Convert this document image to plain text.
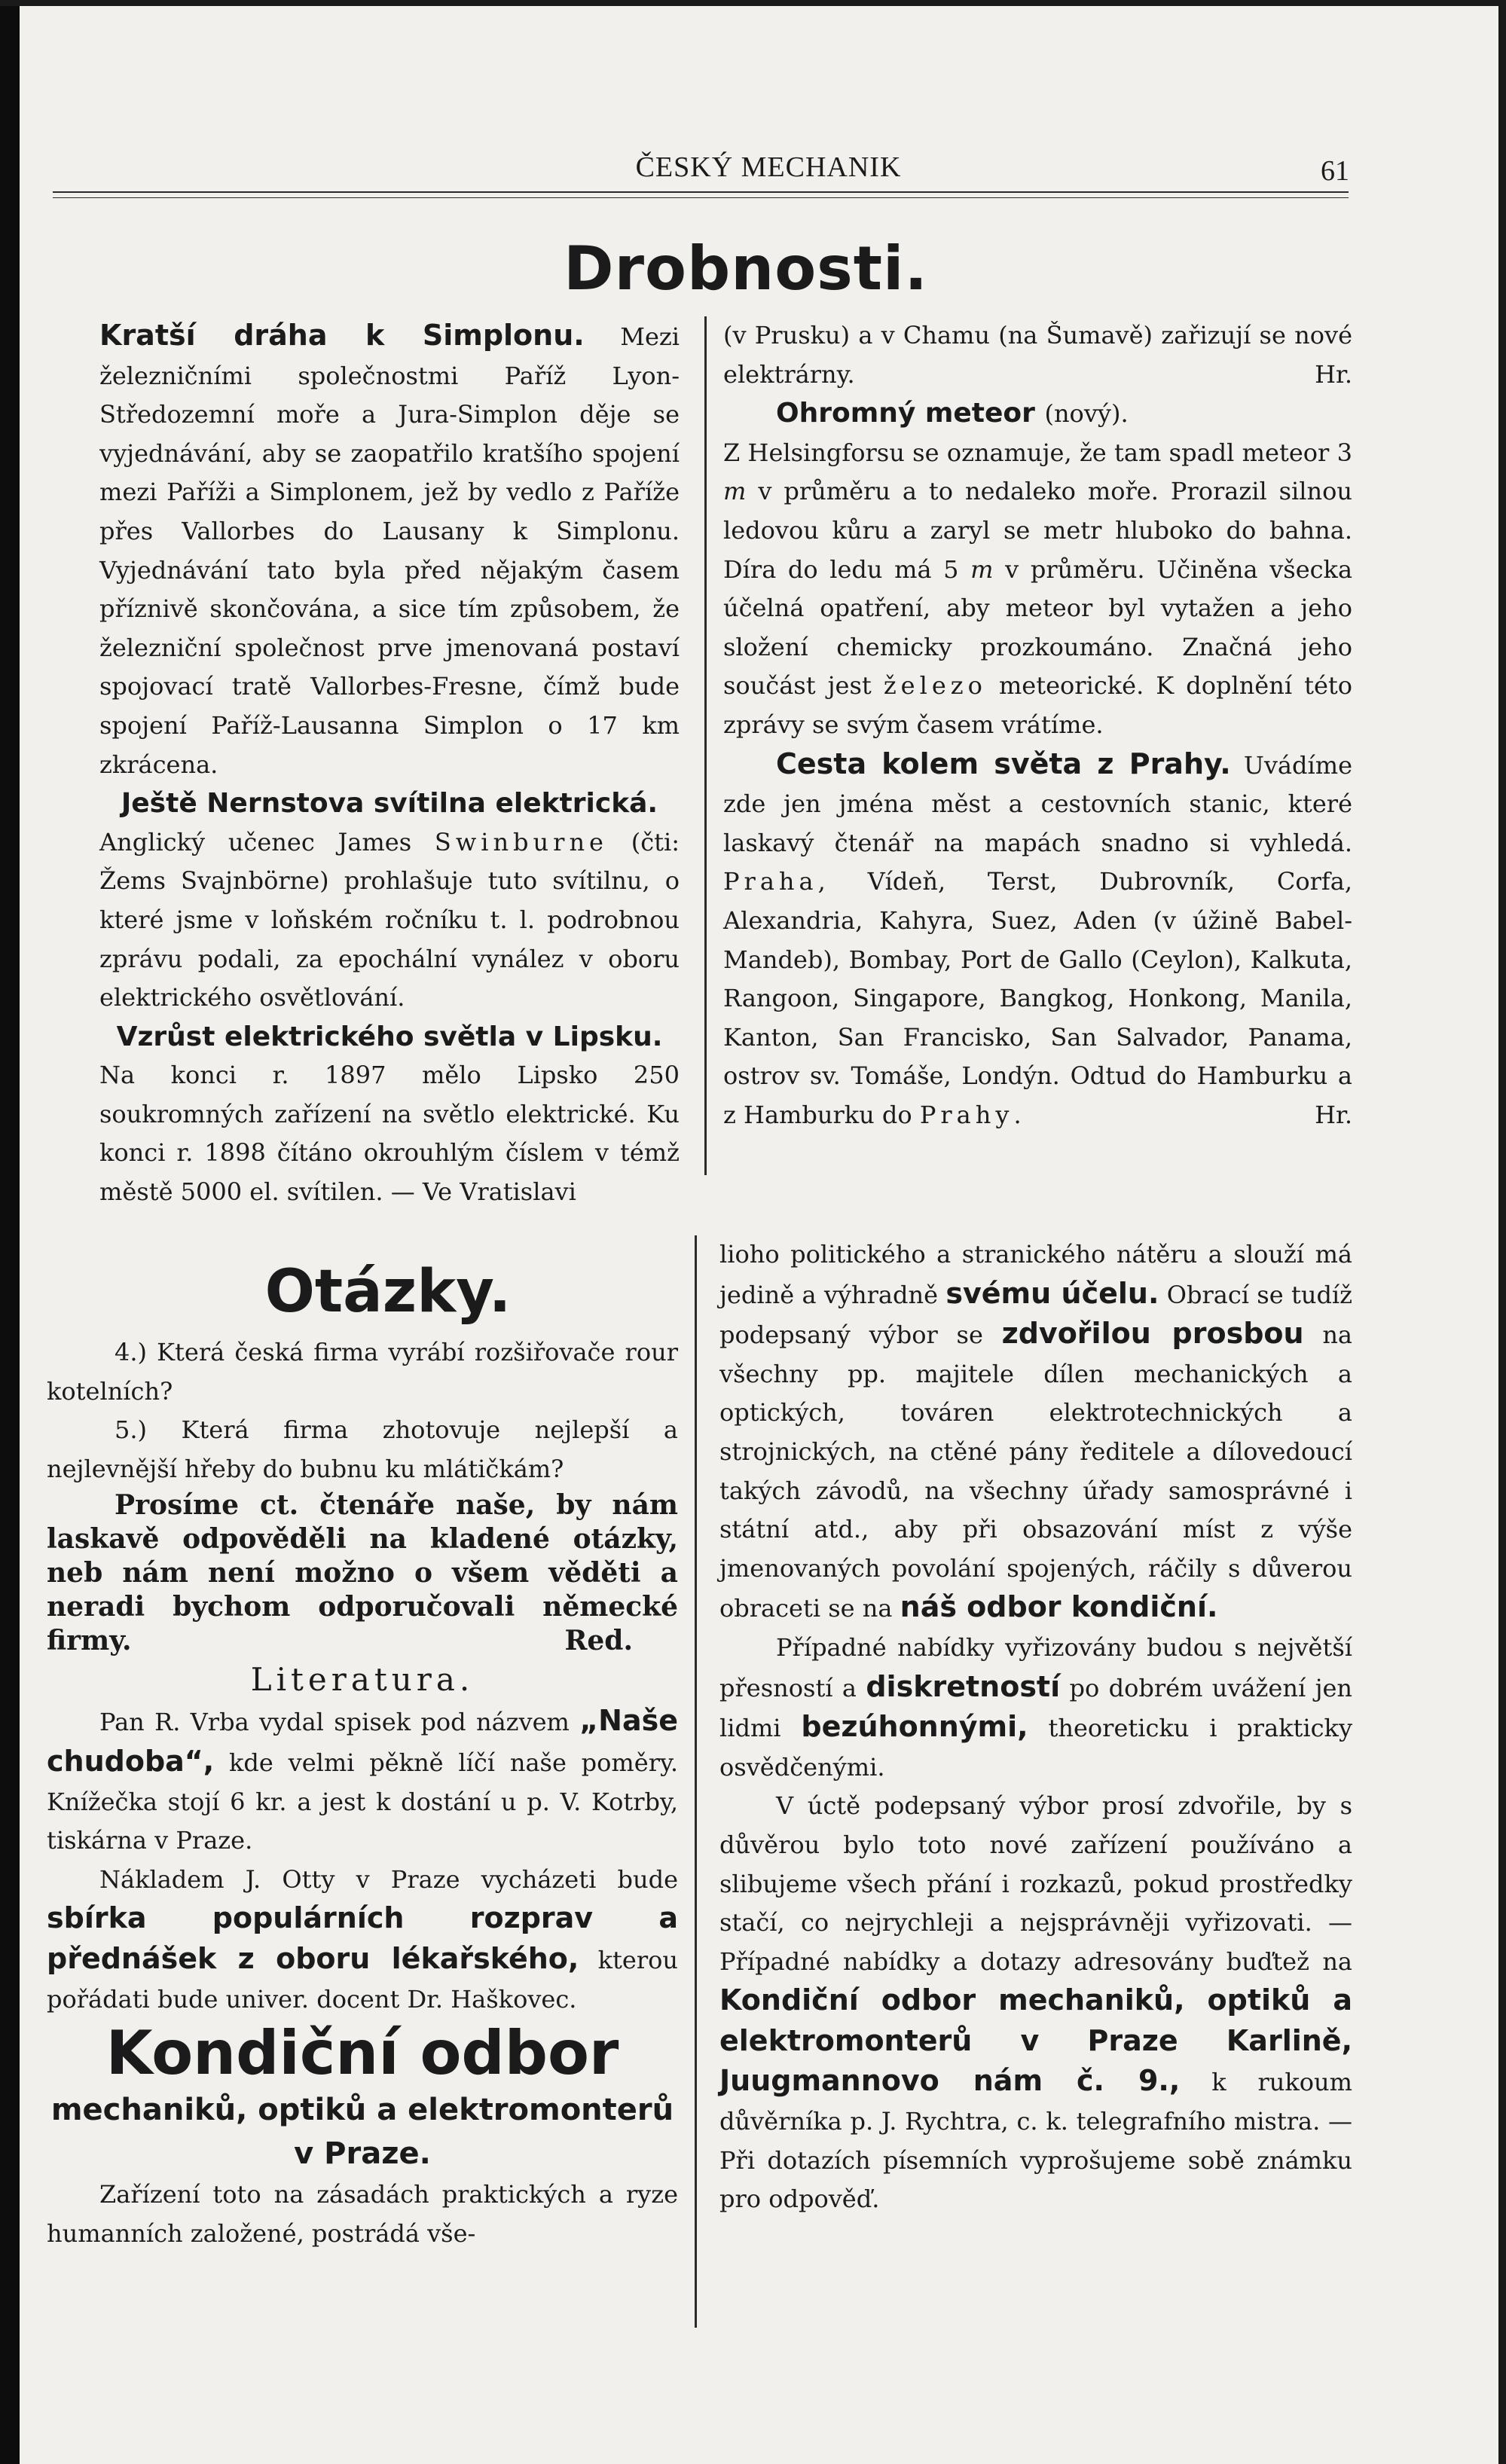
ČESKÝ MECHANIK	61
Drobnosti.

Kratší dráha k Simplonu. Mezi železničními společnostmi Paříž Lyon-Středozemní moře a Jura-Simplon děje se vyjednávání, aby se zaopatřilo kratšího spojení mezi Paříži a Simplonem, jež by vedlo z Paříže přes Vallorbes do Lausany k Simplonu. Vyjednávání tato byla před nějakým časem příznivě skončována, a sice tím způsobem, že železniční společnost prve jmenovaná postaví spojovací tratě Vallorbes-Fresne, čímž bude spojení Paříž-Lausanna Simplon o 17 km zkrácena.

Ještě Nernstova svítilna elektrická.

Anglický učenec James Swinburne (čti: Žems Svajnbörne) prohlašuje tuto svítilnu, o které jsme v loňském ročníku t. l. podrobnou zprávu podali, za epochální vynález v oboru elektrického osvětlování.

Vzrůst elektrického světla v Lipsku.

Na konci r. 1897 mělo Lipsko 250 soukromných zařízení na světlo elektrické. Ku konci r. 1898 čítáno okrouhlým číslem v témž městě 5000 el. svítilen. — Ve Vratislavi

(v Prusku) a v Chamu (na Šumavě) zařizují se nové elektrárny.	Hr.

Ohromný meteor (nový).

Z Helsingforsu se oznamuje, že tam spadl meteor 3 m v průměru a to nedaleko moře. Prorazil silnou ledovou kůru a zaryl se metr hluboko do bahna. Díra do ledu má 5 m v průměru. Učiněna všecka účelná opatření, aby meteor byl vytažen a jeho složení chemicky prozkoumáno. Značná jeho součást jest železo meteorické. K doplnění této zprávy se svým časem vrátíme.

Cesta kolem světa z Prahy. Uvádíme zde jen jména měst a cestovních stanic, které laskavý čtenář na mapách snadno si vyhledá. Praha, Vídeň, Terst, Dubrovník, Corfa, Alexandria, Kahyra, Suez, Aden (v úžině Babel-Mandeb), Bombay, Port de Gallo (Ceylon), Kalkuta, Rangoon, Singapore, Bangkog, Honkong, Manila, Kanton, San Francisko, San Salvador, Panama, ostrov sv. Tomáše, Londýn. Odtud do Hamburku a z Hamburku do Prahy.	Hr.

Otázky.

4.) Která česká firma vyrábí rozšiřovače rour kotelních?

5.) Která firma zhotovuje nejlepší a nejlevnější hřeby do bubnu ku mlátičkám?

Prosíme ct. čtenáře naše, by nám laskavě odpověděli na kladené otázky, neb nám není možno o všem věděti a neradi bychom odporučovali německé firmy.	Red.

Literatura.

Pan R. Vrba vydal spisek pod názvem „Naše chudoba“, kde velmi pěkně líčí naše poměry. Knížečka stojí 6 kr. a jest k dostání u p. V. Kotrby, tiskárna v Praze.

Nákladem J. Otty v Praze vycházeti bude sbírka populárních rozprav a přednášek z oboru lékařského, kterou pořádati bude univer. docent Dr. Haškovec.

Kondiční odbor

mechaniků, optiků a elektromonterů v Praze.

Zařízení toto na zásadách praktických a ryze humanních založené, postrádá vše-

lioho politického a stranického nátěru a slouží má jedině a výhradně svému účelu. Obrací se tudíž podepsaný výbor se zdvořilou prosbou na všechny pp. majitele dílen mechanických a optických, továren elektrotechnických a strojnických, na ctěné pány ředitele a dílovedoucí takých závodů, na všechny úřady samosprávné i státní atd., aby při obsazování míst z výše jmenovaných povolání spojených, ráčily s důverou obraceti se na náš odbor kondiční.

Případné nabídky vyřizovány budou s největší přesností a diskretností po dobrém uvážení jen lidmi bezúhonnými, theoreticku i prakticky osvědčenými.

V úctě podepsaný výbor prosí zdvořile, by s důvěrou bylo toto nové zařízení používáno a slibujeme všech přání i rozkazů, pokud prostředky stačí, co nejrychleji a nejsprávněji vyřizovati. — Případné nabídky a dotazy adresovány buďtež na Kondiční odbor mechaniků, optiků a elektromonterů v Praze Karlině, Juugmannovo nám č. 9., k rukoum důvěrníka p. J. Rychtra, c. k. telegrafního mistra. — Při dotazích písemních vyprošujeme sobě známku pro odpověď.
